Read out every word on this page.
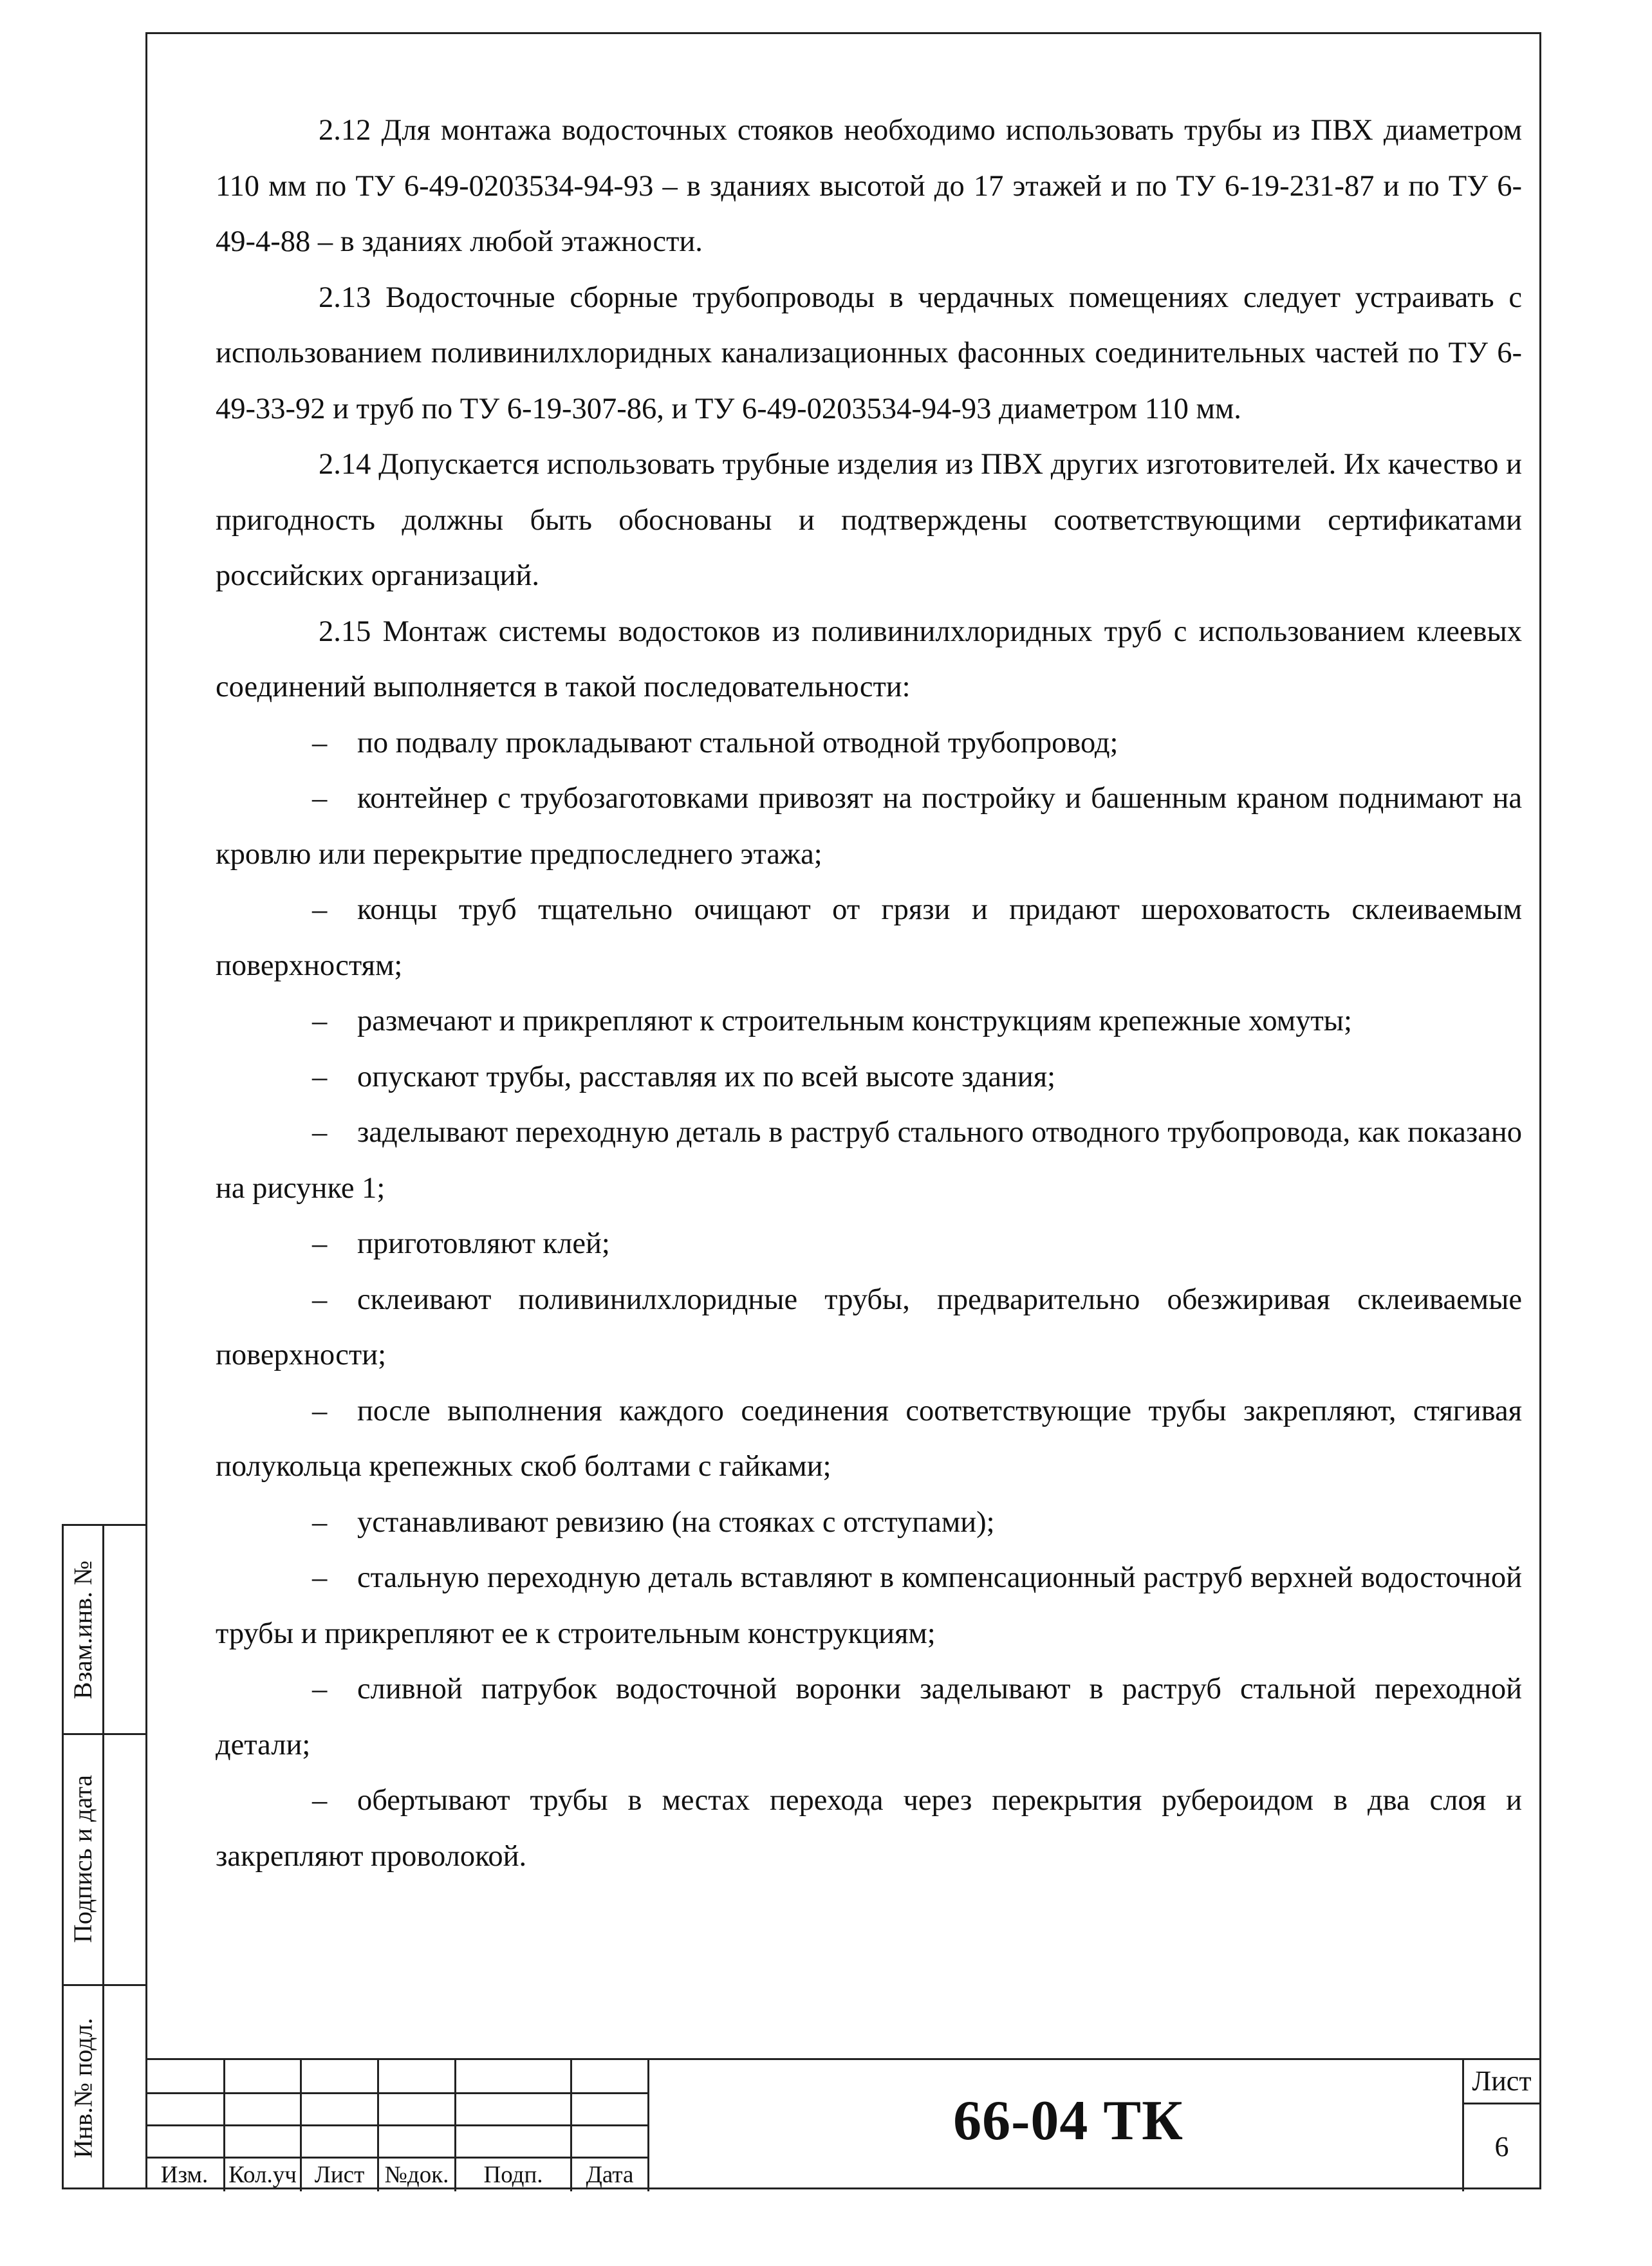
2.12 Для монтажа водосточных стояков необходимо использовать трубы из ПВХ диаметром 110 мм по ТУ 6-49-0203534-94-93 – в зданиях высотой до 17 этажей и по ТУ 6-19-231-87 и по ТУ 6-49-4-88 – в зданиях любой этажности.

2.13 Водосточные сборные трубопроводы в чердачных помещениях следует устраивать с использованием поливинилхлоридных канализационных фасонных соединительных частей по ТУ 6-49-33-92 и труб по ТУ 6-19-307-86, и ТУ 6-49-0203534-94-93 диаметром 110 мм.

2.14 Допускается использовать трубные изделия из ПВХ других изготовителей. Их качество и пригодность должны быть обоснованы и подтверждены соответствующими сертификатами российских организаций.

2.15 Монтаж системы водостоков из поливинилхлоридных труб с использованием клеевых соединений выполняется в такой последовательности:

– по подвалу прокладывают стальной отводной трубопровод;

– контейнер с трубозаготовками привозят на постройку и башенным краном поднимают на кровлю или перекрытие предпоследнего этажа;

– концы труб тщательно очищают от грязи и придают шероховатость склеиваемым поверхностям;

– размечают и прикрепляют к строительным конструкциям крепежные хомуты;

– опускают трубы, расставляя их по всей высоте здания;

– заделывают переходную деталь в раструб стального отводного трубопровода, как показано на рисунке 1;

– приготовляют клей;

– склеивают поливинилхлоридные трубы, предварительно обезжиривая склеиваемые поверхности;

– после выполнения каждого соединения соответствующие трубы закрепляют, стягивая полукольца крепежных скоб болтами с гайками;

– устанавливают ревизию (на стояках с отступами);

– стальную переходную деталь вставляют в компенсационный раструб верхней водосточной трубы и прикрепляют ее к строительным конструкциям;

– сливной патрубок водосточной воронки заделывают в раструб стальной переходной детали;

– обертывают трубы в местах перехода через перекрытия рубероидом в два слоя и закрепляют проволокой.

Взам.инв. №
Подпись и дата
Инв.№ подл.
Изм. Кол.уч Лист №док.	Подп.	Дата
66-04 ТК
Лист
6
